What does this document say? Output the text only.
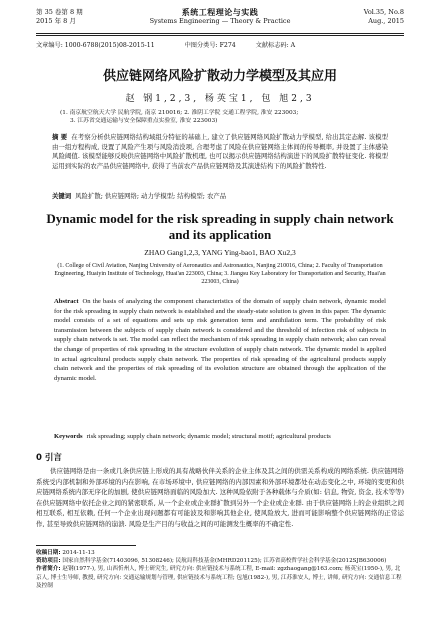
第 35 卷第 8 期
2015 年 8 月
系统工程理论与实践
Systems Engineering — Theory & Practice
Vol.35, No.8
Aug., 2015
文章编号: 1000-6788(2015)08-2015-11	中图分类号: F274	文献标志码: A
供应链网络风险扩散动力学模型及其应用
赵 钢1,2,3, 杨英宝1, 包 旭2,3
(1. 南京航空航天大学 民航学院, 南京 210016; 2. 淮阴工学院 交通工程学院, 淮安 223003;
3. 江苏省交通运输与安全保障重点实验室, 淮安 223003)
摘 要 在考察分析供应链网络结构域组分特征的基础上, 建立了供应链网络风险扩散动力学模型, 给出其定态解. 该模型由一组方程构成, 设置了风险产生项与风险消没项, 合理考虑了风险在供应链网络主体间的传导概率, 并设置了主体感染风险阈值. 该模型能够反映供应链网络中风险扩散机理, 也可以揭示供应链网络结构演进下的风险扩散特征变化. 将模型运用到实际的农产品供应链网络中, 获得了当前农产品供应链网络及其演进结构下的风险扩散特性.
关键词 风险扩散; 供应链网络; 动力学模型; 结构模型; 农产品
Dynamic model for the risk spreading in supply chain network and its application
ZHAO Gang1,2,3, YANG Ying-bao1, BAO Xu2,3
(1. College of Civil Aviation, Nanjing University of Aeronautics and Astronautics, Nanjing 210016, China; 2. Faculty of Transportation Engineering, Huaiyin Institute of Technology, Huai'an 223003, China; 3. Jiangsu Key Laboratory for Transportation and Security, Huai'an 223003, China)
Abstract On the basis of analyzing the component characteristics of the domain of supply chain network, dynamic model for the risk spreading in supply chain network is established and the steady-state solution is given in this paper. The dynamic model consists of a set of equations and sets up risk generation term and annihilation term. The probability of risk transmission between the subjects of supply chain network is considered and the threshold of infection risk of subjects in supply chain network is set. The model can reflect the mechanism of risk spreading in supply chain network; also can reveal the change of properties of risk spreading in the structure evolution of supply chain network. The dynamic model is applied in actual agricultural products supply chain network. The properties of risk spreading of the agricultural products supply chain network and the properties of risk spreading of its evolution structure are obtained through the application of the dynamic model.
Keywords risk spreading; supply chain network; dynamic model; structural motif; agricultural products
0 引言
供应链网络是由一条或几条供应链上形成的具有战略伙伴关系的企业主体及其之间的供需关系构成的网络系统. 供应链网络系统受内部机制和外部环境的内在影响, 在市场环境中, 供应链网络的内部因素和外部环境都处在动态变化之中, 环境的变更和供应链网络系统内部无序化的加剧, 使供应链网络面临的风险加大. 这种风险依附于各种载体与介质(如: 信息, 物资, 资金, 技术等等)在供应链网络中依托企业之间的紧密联系, 从一个企业或企业群扩散到另外一个企业或企业群. 由于供应链网络上的企业组织之间相互联系, 相互依赖, 任何一个企业出现问题都有可能波及和影响其他企业, 使风险放大, 进而可能影响整个供应链网络的正常运作, 甚至导致供应链网络的崩溃. 风险是生产目的与收益之间的可能测发生概率的不确定性.
收稿日期: 2014-11-13
资助项目: 国家自然科学基金(71403096, 51308246); 民航局科技基金(MHRD201125); 江苏省高校哲学社会科学基金(2012SJB630006)
作者简介: 赵钢(1977-), 男, 山西忻州人, 博士研究生, 研究方向: 供应链技术与系统工程, E-mail: zgzhaogang@163.com; 杨英宝(1950-), 男, 北京人, 博士生导师, 教授, 研究方向: 交通运输规划与管理, 供应链技术与系统工程; 包旭(1982-), 男, 江苏淮安人, 博士, 讲师, 研究方向: 交通信息工程及控制
